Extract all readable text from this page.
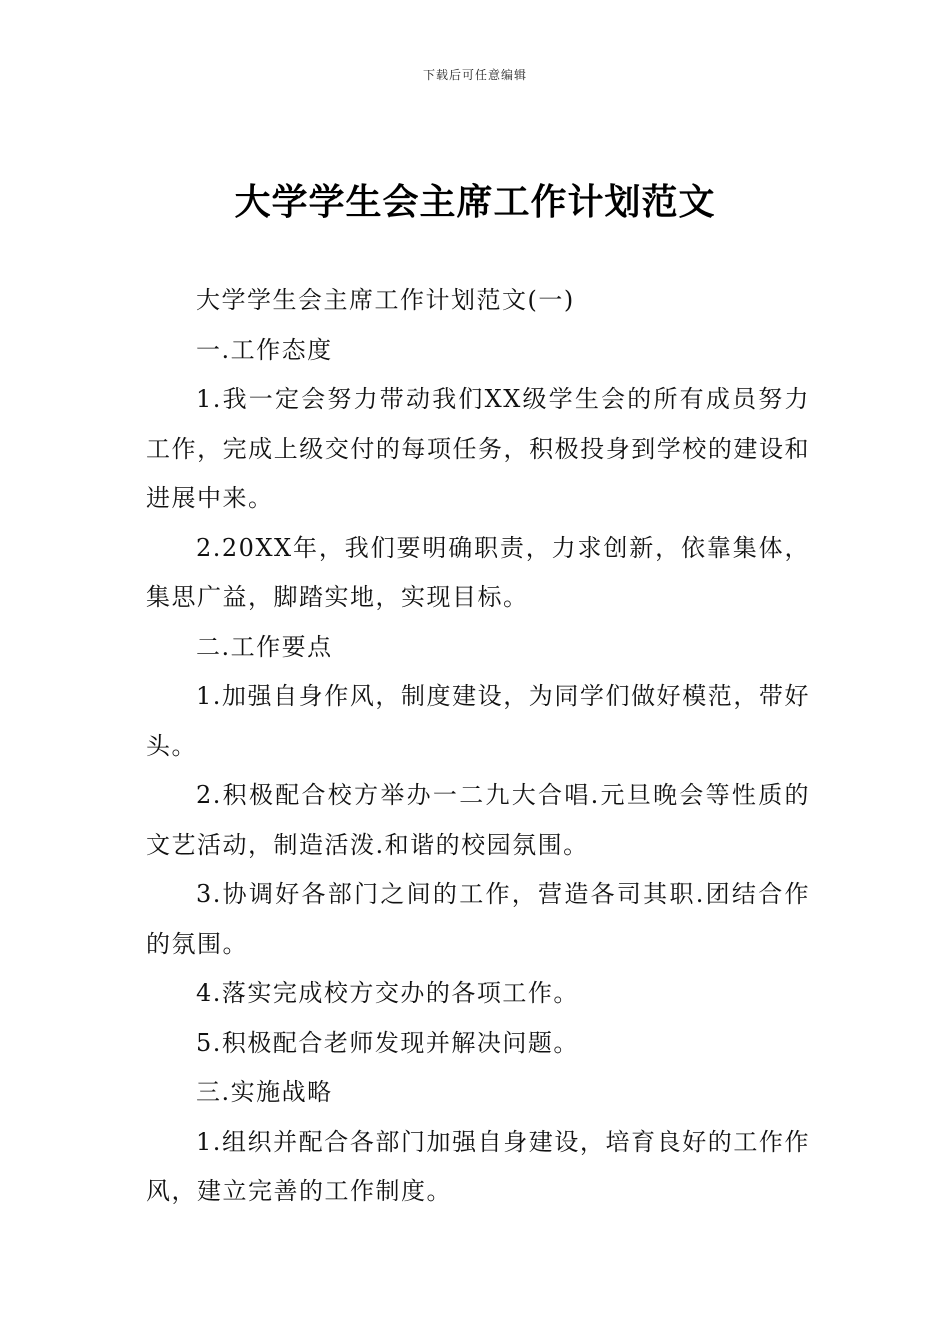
下载后可任意编辑
大学学生会主席工作计划范文

大学学生会主席工作计划范文(一)

一.工作态度

1.我一定会努力带动我们XX级学生会的所有成员努力工作，完成上级交付的每项任务，积极投身到学校的建设和进展中来。

2.20XX年，我们要明确职责，力求创新，依靠集体，集思广益，脚踏实地，实现目标。

二.工作要点

1.加强自身作风，制度建设，为同学们做好模范，带好头。

2.积极配合校方举办一二九大合唱.元旦晚会等性质的文艺活动，制造活泼.和谐的校园氛围。

3.协调好各部门之间的工作，营造各司其职.团结合作的氛围。

4.落实完成校方交办的各项工作。

5.积极配合老师发现并解决问题。

三.实施战略

1.组织并配合各部门加强自身建设，培育良好的工作作风，建立完善的工作制度。
